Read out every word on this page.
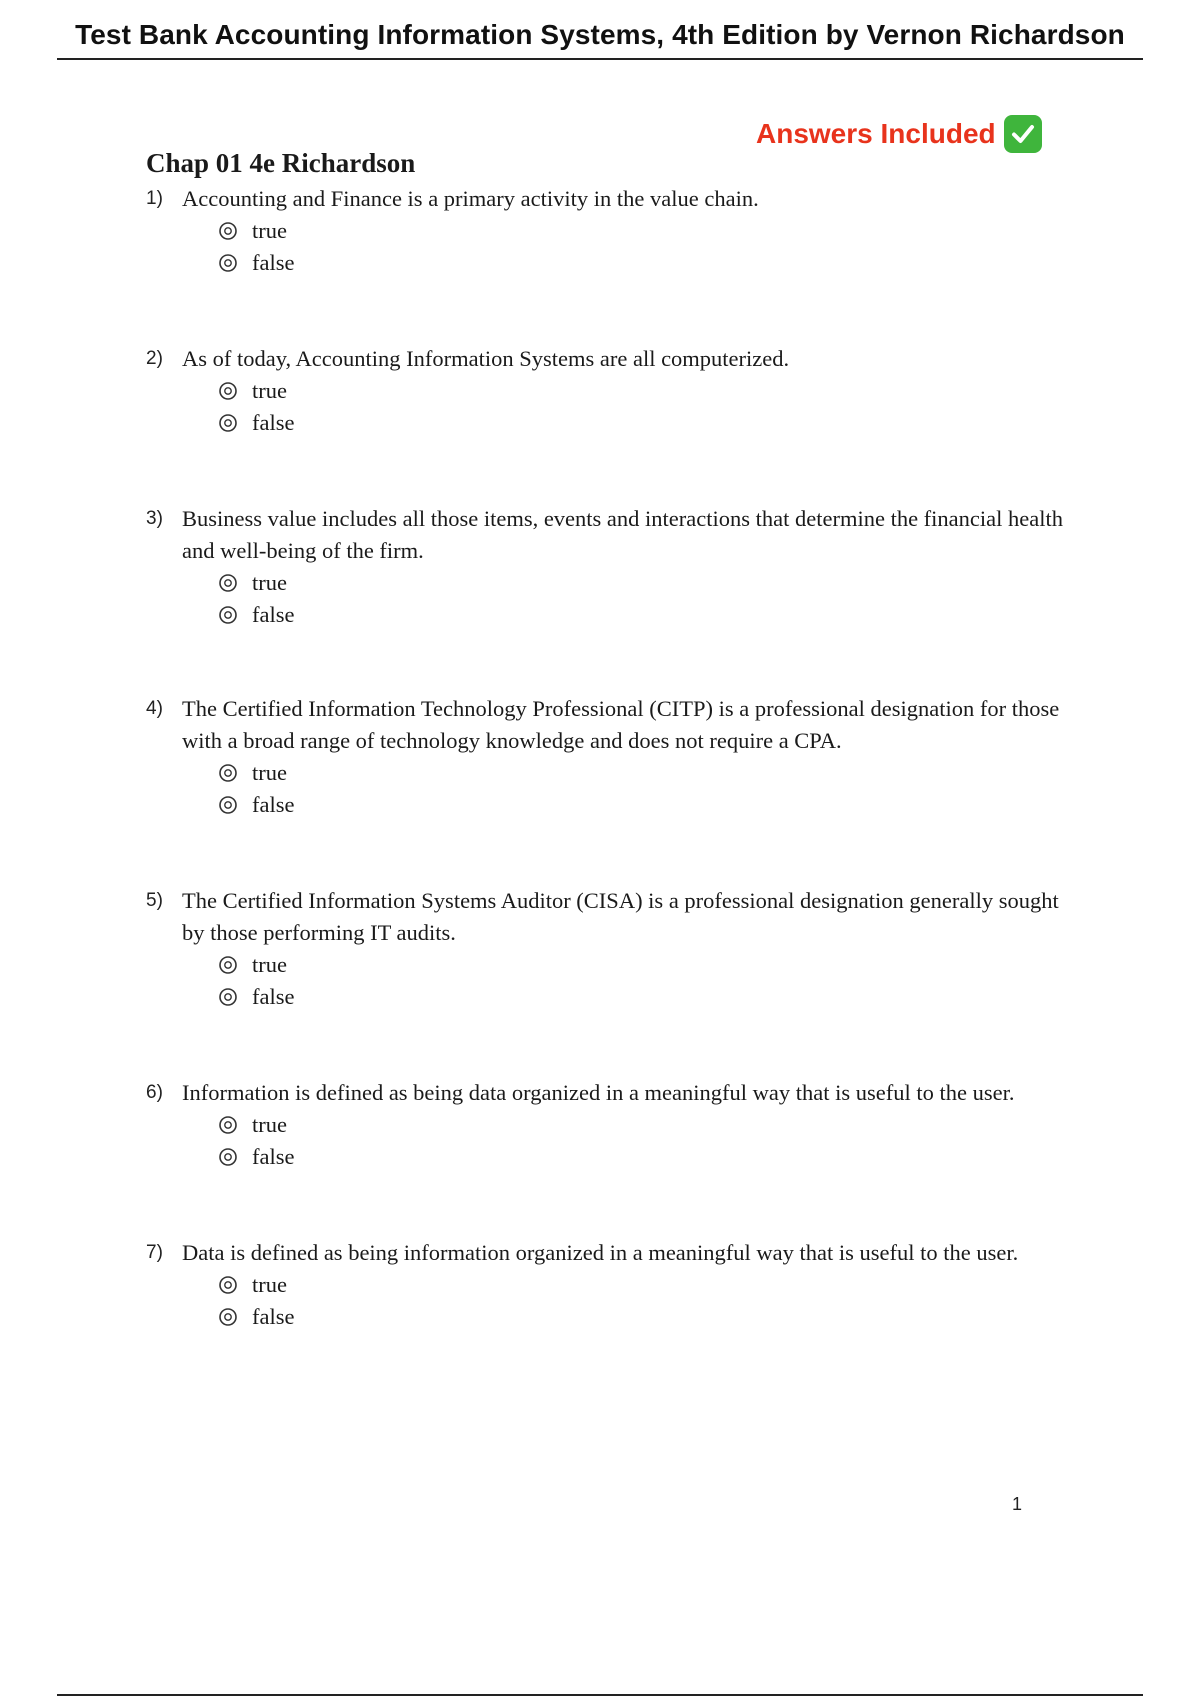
Test Bank Accounting Information Systems, 4th Edition by Vernon Richardson
Answers Included
Chap 01 4e Richardson
1) Accounting and Finance is a primary activity in the value chain.
true
false
2) As of today, Accounting Information Systems are all computerized.
true
false
3) Business value includes all those items, events and interactions that determine the financial health and well-being of the firm.
true
false
4) The Certified Information Technology Professional (CITP) is a professional designation for those with a broad range of technology knowledge and does not require a CPA.
true
false
5) The Certified Information Systems Auditor (CISA) is a professional designation generally sought by those performing IT audits.
true
false
6) Information is defined as being data organized in a meaningful way that is useful to the user.
true
false
7) Data is defined as being information organized in a meaningful way that is useful to the user.
true
false
1
